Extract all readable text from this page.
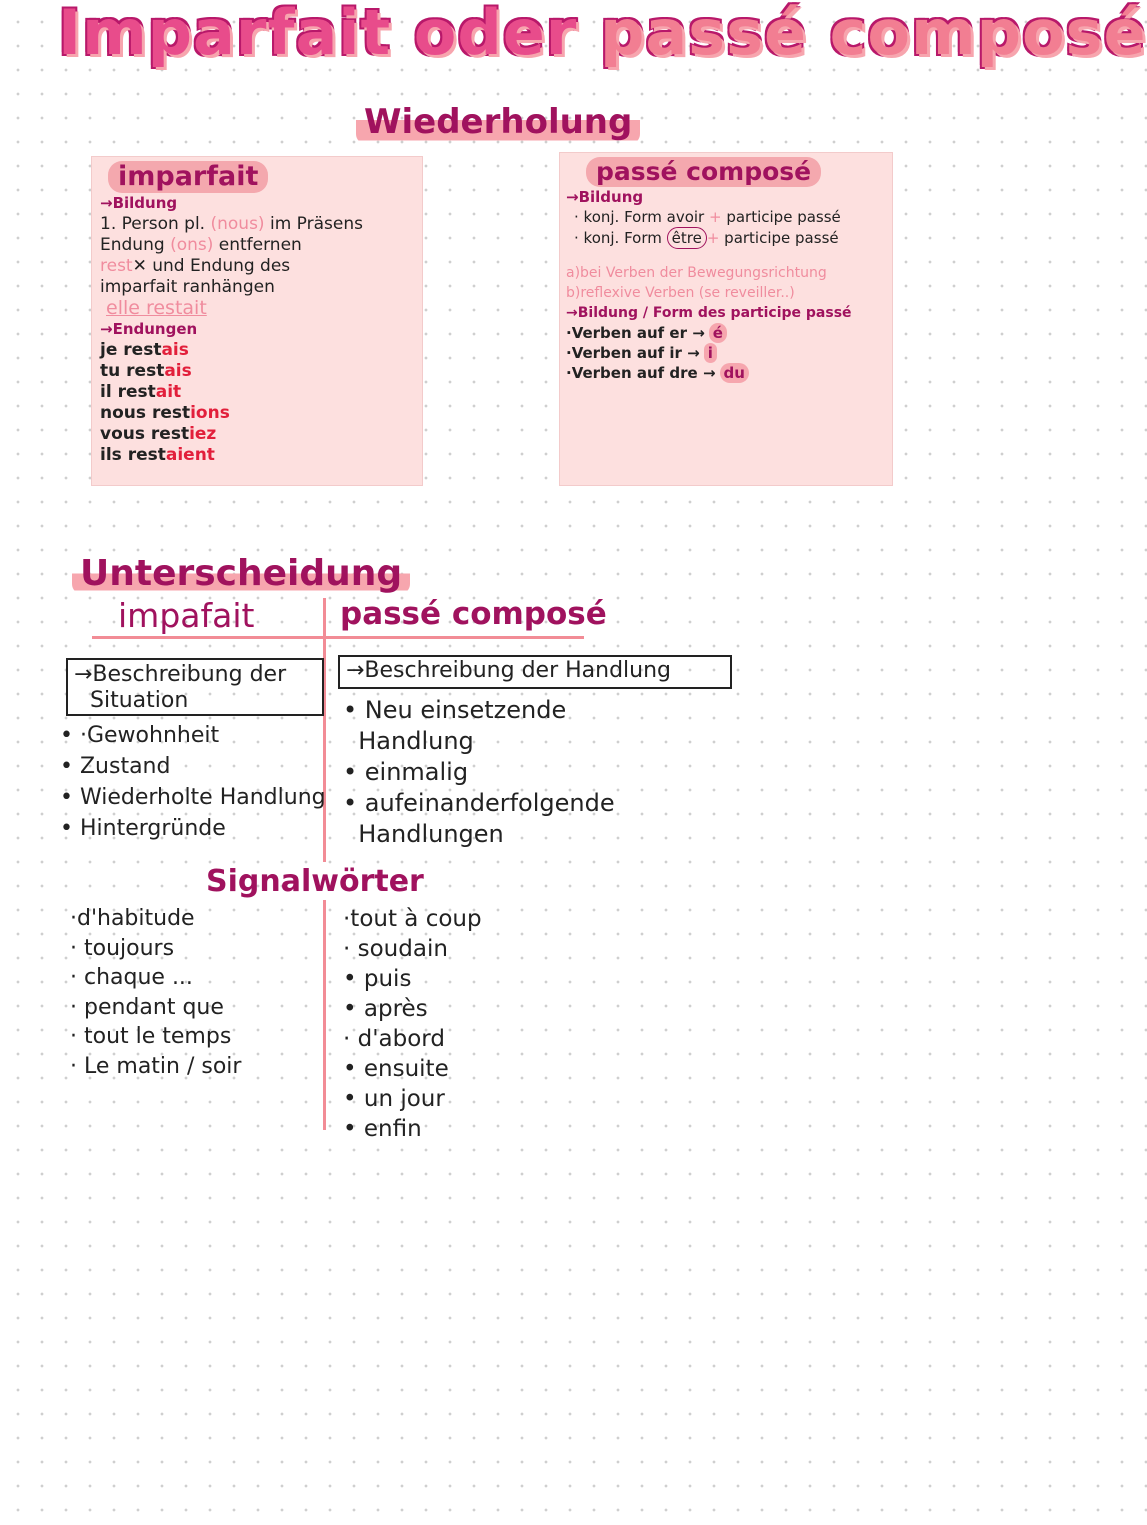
Imparfait oder passé composé
Wiederholung
imparfait
→Bildung
1. Person pl. (nous) im Präsens
Endung (ons) entfernen
rest✕ und Endung des
imparfait ranhängen
elle restait
→Endungen
je restais
tu restais
il restait
nous restions
vous restiez
ils restaient
passé composé
→Bildung
· konj. Form avoir + participe passé
· konj. Form être + participe passé
a)bei Verben der Bewegungsrichtung
b)reflexive Verben (se reveiller..)
→Bildung / Form des participe passé
·Verben auf er → é
·Verben auf ir → i
·Verben auf dre → du
Unterscheidung
impafait	passé composé
→Beschreibung der
Situation
→Beschreibung der Handlung
• ·Gewohnheit
• Zustand
• Wiederholte Handlung
• Hintergründe
• Neu einsetzende
Handlung
• einmalig
• aufeinanderfolgende
Handlungen
Signalwörter
·d'habitude
· toujours
· chaque ...
· pendant que
· tout le temps
· Le matin / soir
·tout à coup
· soudain
• puis
• après
· d'abord
• ensuite
• un jour
• enfin
